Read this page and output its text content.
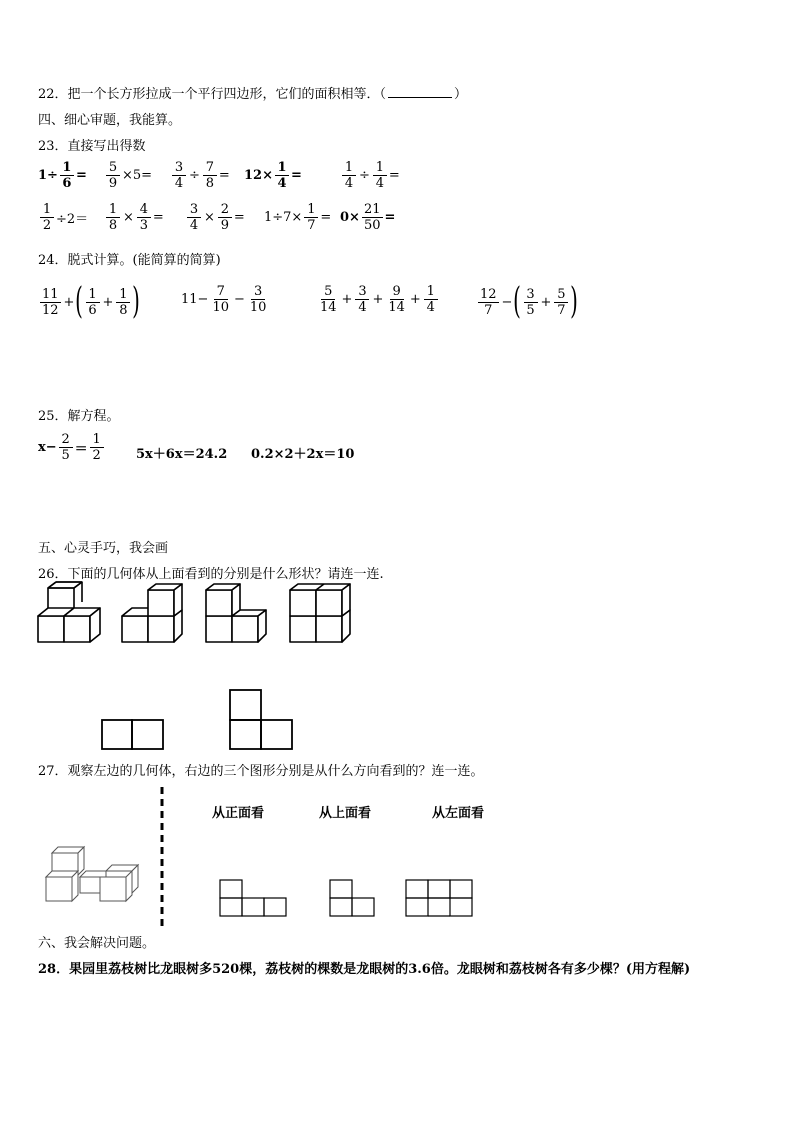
22．把一个长方形拉成一个平行四边形，它们的面积相等．（	）
四、细心审题，我能算。
23．直接写出得数
$1\div \frac{1}{6} = \frac{5}{9} \times 5= \frac{3}{4} \div \frac{7}{8} = 12\times \frac{1}{4}$ =	$\frac{1}{4} \div \frac{1}{4}$ =
$\frac{1}{2} \div 2= \frac{1}{8} \times \frac{4}{3} = \frac{3}{4} \times \frac{2}{9} = 1\div 7\times \frac{1}{7} = 0\times \frac{21}{50}$ =
24．脱式计算。(能简算的简算)
$\frac{11}{12}$ + ( $\frac{1}{6} + \frac{1}{8}$ )	$11- \frac{7}{10} - \frac{3}{10}$	$\frac{5}{14} + \frac{3}{4} + \frac{9}{14} + \frac{1}{4}$	$\frac{12}{7}$ − ( $\frac{3}{5} + \frac{5}{7}$ )
25．解方程。
$x- \frac{2}{5} = \frac{1}{2} 5x+6x=24.2$ 0.2×2＋2x＝10
五、心灵手巧，我会画
26．下面的几何体从上面看到的分别是什么形状？请连一连.
27．观察左边的几何体，右边的三个图形分别是从什么方向看到的？连一连。
从正面看	从上面看	从左面看
六、我会解决问题。
28．果园里荔枝树比龙眼树多520棵，荔枝树的棵数是龙眼树的3.6倍。龙眼树和荔枝树各有多少棵？(用方程解)
